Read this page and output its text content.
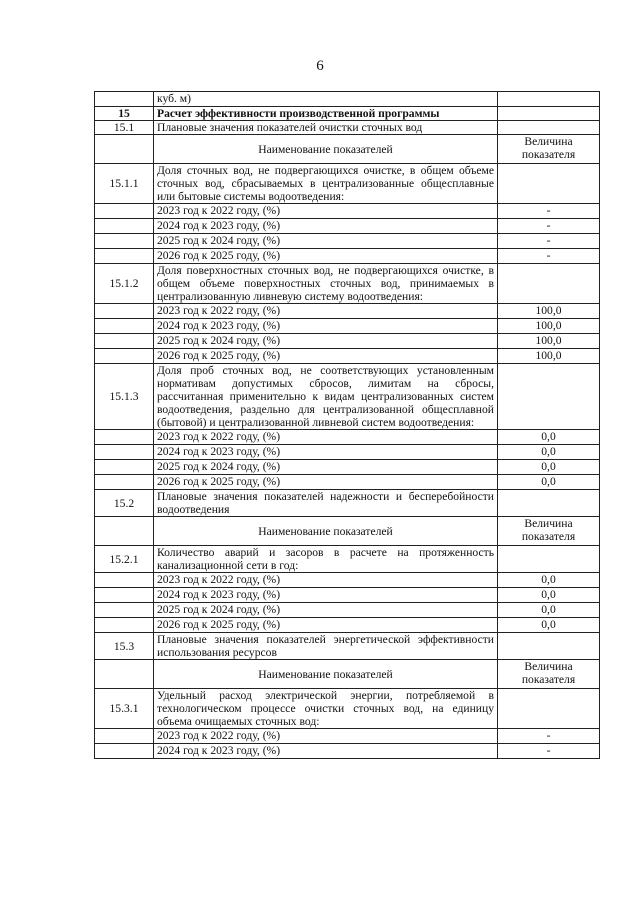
6
	куб. м)	
15	Расчет эффективности производственной программы	
15.1	Плановые значения показателей очистки сточных вод	
	Наименование показателей	Величина показателя
15.1.1	Доля сточных вод, не подвергающихся очистке, в общем объеме сточных вод, сбрасываемых в централизованные общесплавные или бытовые системы водоотведения:	
	2023 год к 2022 году, (%)	-
	2024 год к 2023 году, (%)	-
	2025 год к 2024 году, (%)	-
	2026 год к 2025 году, (%)	-
15.1.2	Доля поверхностных сточных вод, не подвергающихся очистке, в общем объеме поверхностных сточных вод, принимаемых в централизованную ливневую систему водоотведения:	
	2023 год к 2022 году, (%)	100,0
	2024 год к 2023 году, (%)	100,0
	2025 год к 2024 году, (%)	100,0
	2026 год к 2025 году, (%)	100,0
15.1.3	Доля проб сточных вод, не соответствующих установленным нормативам допустимых сбросов, лимитам на сбросы, рассчитанная применительно к видам централизованных систем водоотведения, раздельно для централизованной общесплавной (бытовой) и централизованной ливневой систем водоотведения:	
	2023 год к 2022 году, (%)	0,0
	2024 год к 2023 году, (%)	0,0
	2025 год к 2024 году, (%)	0,0
	2026 год к 2025 году, (%)	0,0
15.2	Плановые значения показателей надежности и бесперебойности водоотведения	
	Наименование показателей	Величина показателя
15.2.1	Количество аварий и засоров в расчете на протяженность канализационной сети в год:	
	2023 год к 2022 году, (%)	0,0
	2024 год к 2023 году, (%)	0,0
	2025 год к 2024 году, (%)	0,0
	2026 год к 2025 году, (%)	0,0
15.3	Плановые значения показателей энергетической эффективности использования ресурсов	
	Наименование показателей	Величина показателя
15.3.1	Удельный расход электрической энергии, потребляемой в технологическом процессе очистки сточных вод, на единицу объема очищаемых сточных вод:	
	2023 год к 2022 году, (%)	-
	2024 год к 2023 году, (%)	-
